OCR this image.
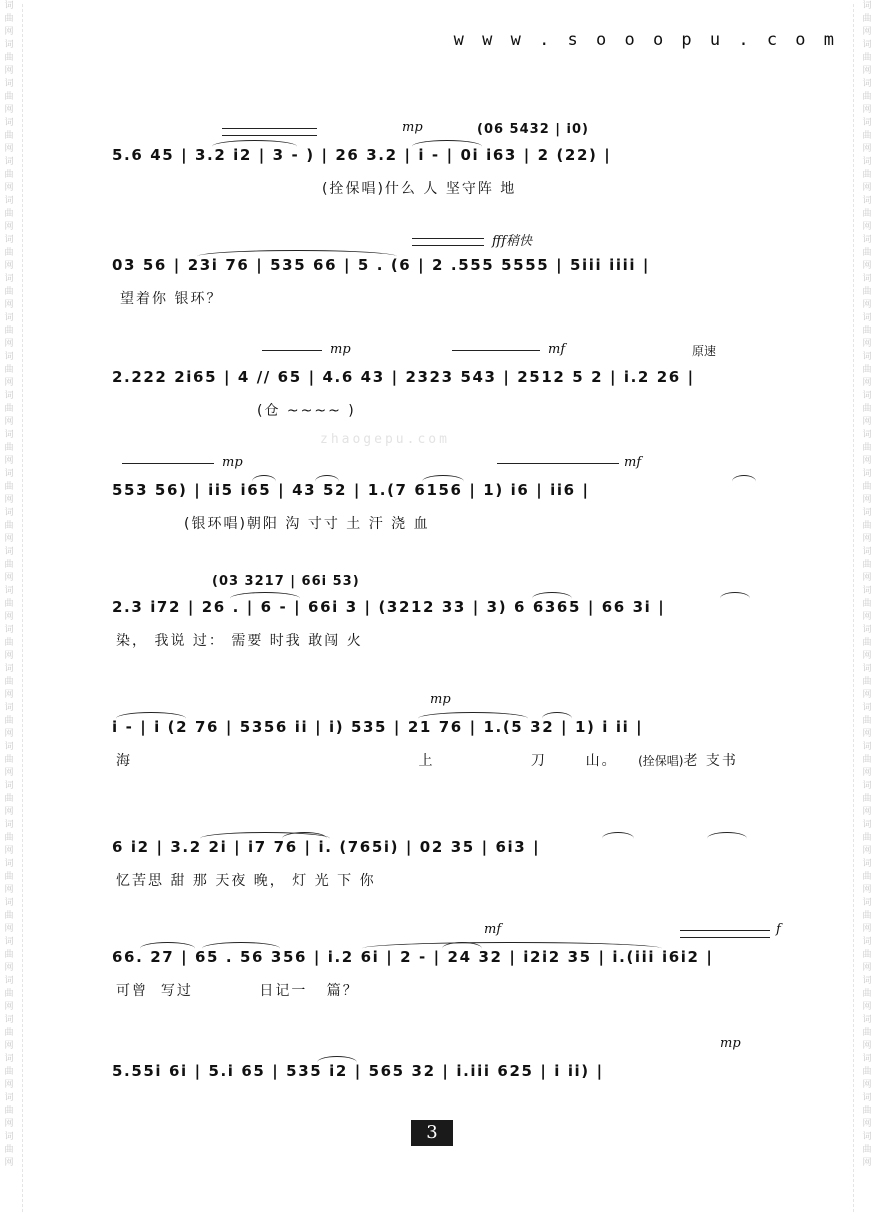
词曲网词曲网词曲网词曲网词曲网词曲网词曲网词曲网词曲网词曲网词曲网词曲网词曲网词曲网词曲网词曲网词曲网词曲网词曲网词曲网词曲网词曲网词曲网词曲网词曲网词曲网词曲网词曲网词曲网词曲网
词曲网词曲网词曲网词曲网词曲网词曲网词曲网词曲网词曲网词曲网词曲网词曲网词曲网词曲网词曲网词曲网词曲网词曲网词曲网词曲网词曲网词曲网词曲网词曲网词曲网词曲网词曲网词曲网词曲网词曲网
w w w . s o o o p u . c o m
zhaogepu.com
mp	(06 5432 | i0)
5.6 45 | 3.2 i2 | 3 - ) | 26 3.2 | i - | 0i i63 | 2 (22) |
(拴保唱)什么 人 坚守阵 地
fff稍快
03 56 | 23i 76 | 535 66 | 5 . (6 | 2 .555 5555 | 5iii iiii |
望着你 银环？
mp	mf	原速
2.222 2i65 | 4 // 65 | 4.6 43 | 2323 543 | 2512 5 2 | i.2 26 |
(仓 ~~~~ )
mp	mf
553 56) | ii5 i65 | 43 52 | 1.(7 6156 | 1) i6 | ii6 |
(银环唱)朝阳 沟 寸寸 土 汗 浇 血
(03 3217 | 66i 53)
2.3 i72 | 26 . | 6 - | 66i 3 | (3212 33 | 3) 6 6365 | 66 3i |
染， 我说 过： 需要 时我 敢闯 火
mp
i - | i (2 76 | 5356 ii | i) 535 | 21 76 | 1.(5 32 | 1) i ii |
海	上	刀      山。 (拴保唱)老 支书
6 i2 | 3.2 2i | i7 76 | i. (765i) | 02 35 | 6i3 |
忆苦思 甜 那 天夜 晚， 灯 光 下 你
mf	f
66. 27 | 65 . 56 356 | i.2 6i | 2 - | 24 32 | i2i2 35 | i.(iii i6i2 |
可曾  写过	日记一   篇？
mp
5.55i 6i | 5.i 65 | 535 i2 | 565 32 | i.iii 625 | i ii) |
3
